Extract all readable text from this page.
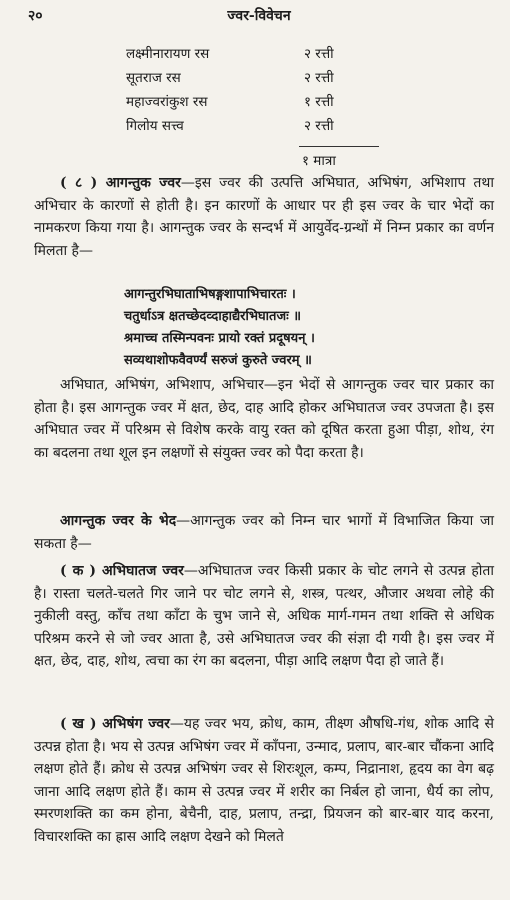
२०	ज्वर-विवेचन
लक्ष्मीनारायण रस	२ रत्ती
सूतराज रस	२ रत्ती
महाज्वरांकुश रस	१ रत्ती
गिलोय सत्त्व	२ रत्ती
१ मात्रा

( ८ ) आगन्तुक ज्वर—इस ज्वर की उत्पत्ति अभिघात, अभिषंग, अभिशाप तथा अभिचार के कारणों से होती है। इन कारणों के आधार पर ही इस ज्वर के चार भेदों का नामकरण किया गया है। आगन्तुक ज्वर के सन्दर्भ में आयुर्वेद-ग्रन्थों में निम्न प्रकार का वर्णन मिलता है—

आगन्तुरभिघाताभिषङ्गशापाभिचारतः ।
चतुर्धाऽत्र क्षतच्छेदव्दाहाद्यैरभिघातजः ॥
श्रमाच्च तस्मिन्पवनः प्रायो रक्तं प्रदूषयन् ।
सव्यथाशोफवैवर्ण्यं सरुजं कुरुते ज्वरम् ॥

अभिघात, अभिषंग, अभिशाप, अभिचार—इन भेदों से आगन्तुक ज्वर चार प्रकार का होता है। इस आगन्तुक ज्वर में क्षत, छेद, दाह आदि होकर अभिघातज ज्वर उपजता है। इस अभिघात ज्वर में परिश्रम से विशेष करके वायु रक्त को दूषित करता हुआ पीड़ा, शोथ, रंग का बदलना तथा शूल इन लक्षणों से संयुक्त ज्वर को पैदा करता है।

आगन्तुक ज्वर के भेद—आगन्तुक ज्वर को निम्न चार भागों में विभाजित किया जा सकता है—

( क ) अभिघातज ज्वर—अभिघातज ज्वर किसी प्रकार के चोट लगने से उत्पन्न होता है। रास्ता चलते-चलते गिर जाने पर चोट लगने से, शस्त्र, पत्थर, औजार अथवा लोहे की नुकीली वस्तु, काँच तथा काँटा के चुभ जाने से, अधिक मार्ग-गमन तथा शक्ति से अधिक परिश्रम करने से जो ज्वर आता है, उसे अभिघातज ज्वर की संज्ञा दी गयी है। इस ज्वर में क्षत, छेद, दाह, शोथ, त्वचा का रंग का बदलना, पीड़ा आदि लक्षण पैदा हो जाते हैं।

( ख ) अभिषंग ज्वर—यह ज्वर भय, क्रोध, काम, तीक्ष्ण औषधि-गंध, शोक आदि से उत्पन्न होता है। भय से उत्पन्न अभिषंग ज्वर में काँपना, उन्माद, प्रलाप, बार-बार चौंकना आदि लक्षण होते हैं। क्रोध से उत्पन्न अभिषंग ज्वर से शिरःशूल, कम्प, निद्रानाश, हृदय का वेग बढ़ जाना आदि लक्षण होते हैं। काम से उत्पन्न ज्वर में शरीर का निर्बल हो जाना, धैर्य का लोप, स्मरणशक्ति का कम होना, बेचैनी, दाह, प्रलाप, तन्द्रा, प्रियजन को बार-बार याद करना, विचारशक्ति का ह्रास आदि लक्षण देखने को मिलते
